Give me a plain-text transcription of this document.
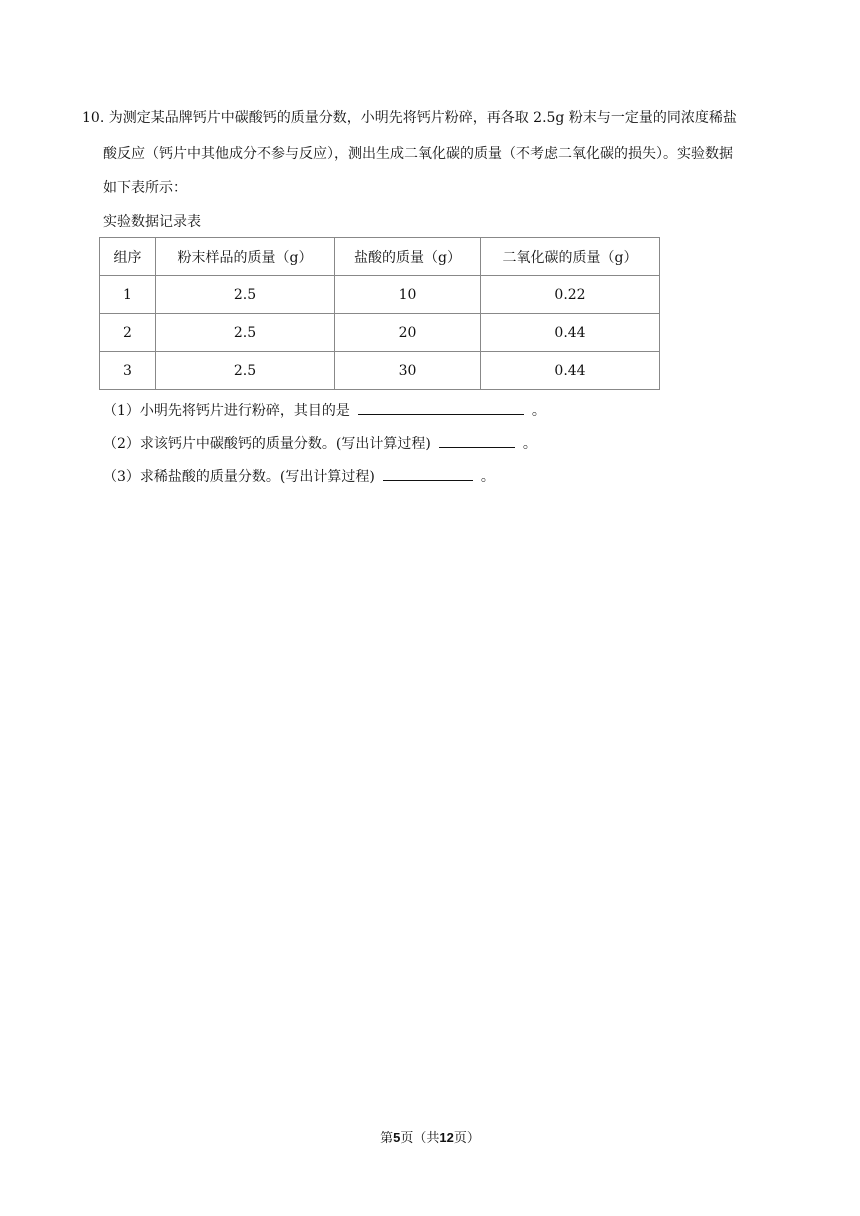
10. 为测定某品牌钙片中碳酸钙的质量分数，小明先将钙片粉碎，再各取 2.5g 粉末与一定量的同浓度稀盐
酸反应（钙片中其他成分不参与反应），测出生成二氧化碳的质量（不考虑二氧化碳的损失）。实验数据
如下表所示：
实验数据记录表
组序	粉末样品的质量（g）	盐酸的质量（g）	二氧化碳的质量（g）
1	2.5	10	0.22
2	2.5	20	0.44
3	2.5	30	0.44
（1）小明先将钙片进行粉碎，其目的是	。
（2）求该钙片中碳酸钙的质量分数。(写出计算过程)	。
（3）求稀盐酸的质量分数。(写出计算过程)	。
第5页（共12页）
